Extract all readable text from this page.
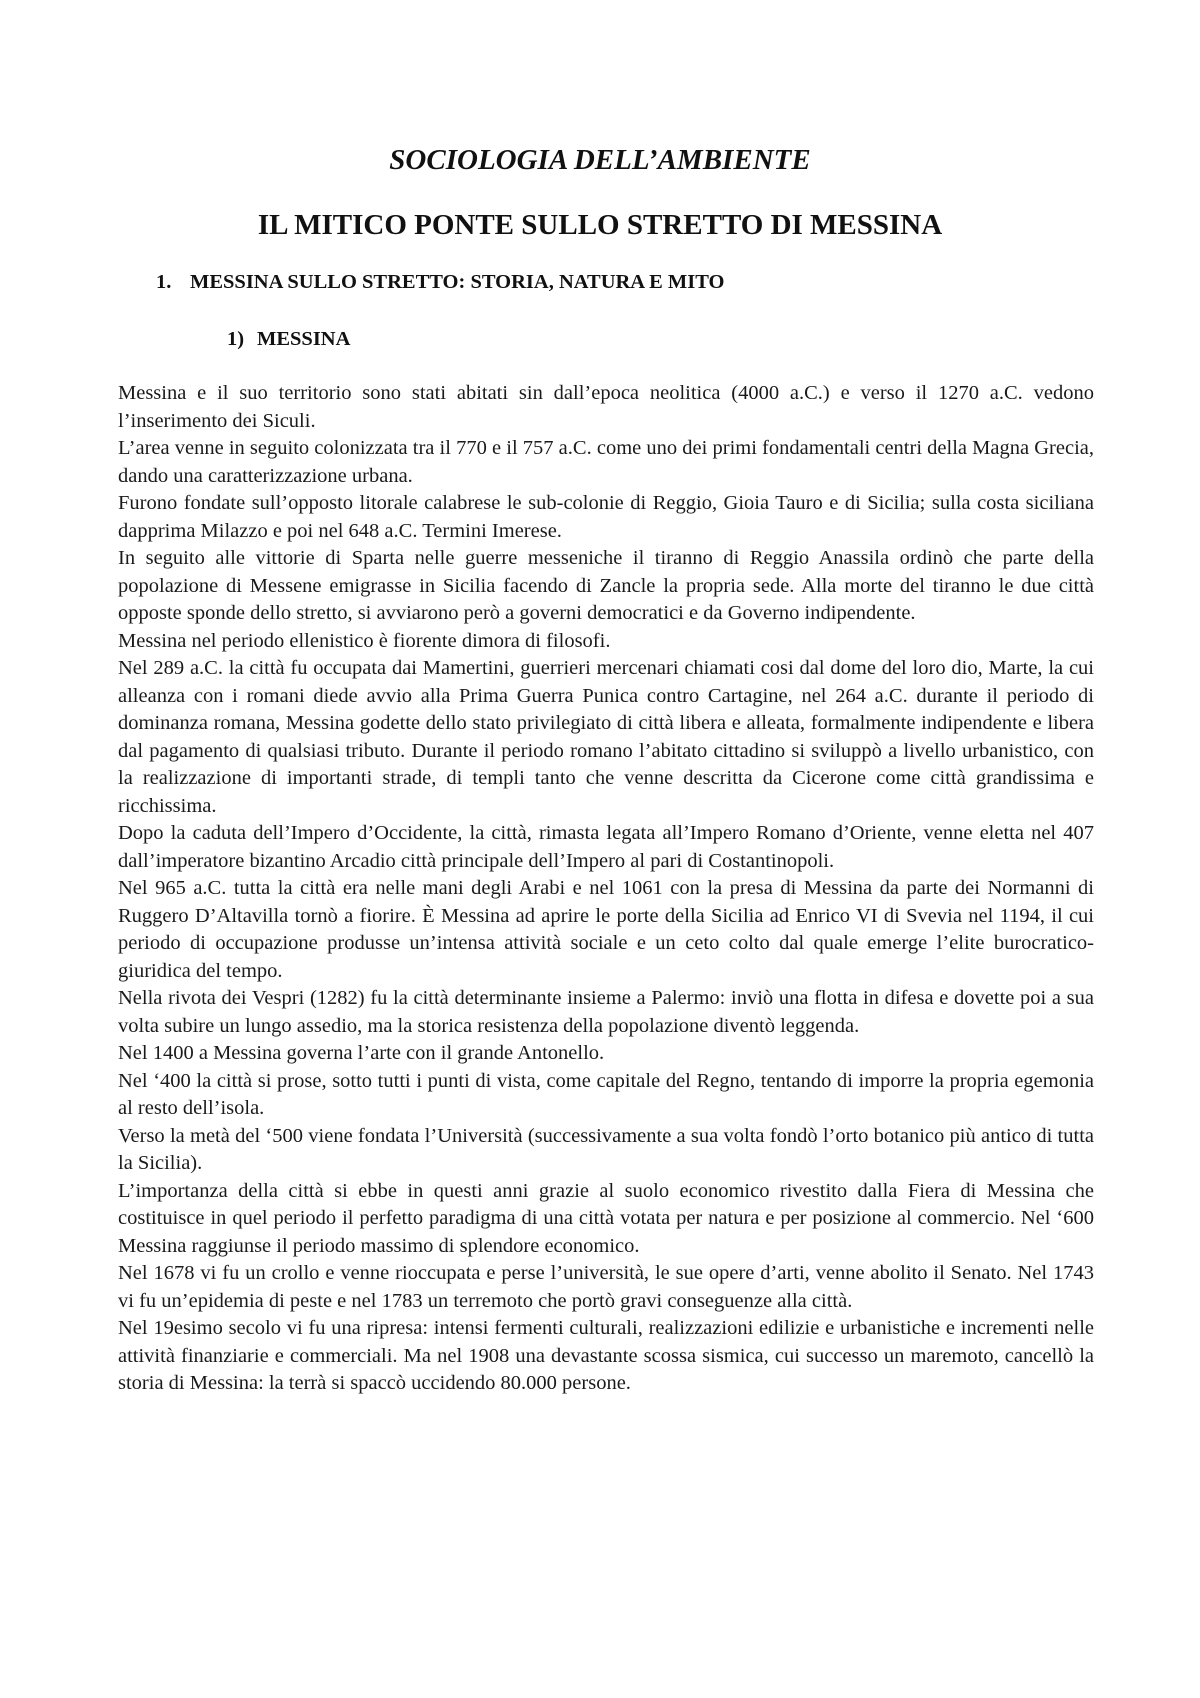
SOCIOLOGIA DELL’AMBIENTE
IL MITICO PONTE SULLO STRETTO DI MESSINA
1. MESSINA SULLO STRETTO: STORIA, NATURA E MITO
1) MESSINA

Messina e il suo territorio sono stati abitati sin dall’epoca neolitica (4000 a.C.) e verso il 1270 a.C. vedono l’inserimento dei Siculi.

L’area venne in seguito colonizzata tra il 770 e il 757 a.C. come uno dei primi fondamentali centri della Magna Grecia, dando una caratterizzazione urbana.

Furono fondate sull’opposto litorale calabrese le sub-colonie di Reggio, Gioia Tauro e di Sicilia; sulla costa siciliana dapprima Milazzo e poi nel 648 a.C. Termini Imerese.

In seguito alle vittorie di Sparta nelle guerre messeniche il tiranno di Reggio Anassila ordinò che parte della popolazione di Messene emigrasse in Sicilia facendo di Zancle la propria sede. Alla morte del tiranno le due città opposte sponde dello stretto, si avviarono però a governi democratici e da Governo indipendente.

Messina nel periodo ellenistico è fiorente dimora di filosofi.

Nel 289 a.C. la città fu occupata dai Mamertini, guerrieri mercenari chiamati cosi dal dome del loro dio, Marte, la cui alleanza con i romani diede avvio alla Prima Guerra Punica contro Cartagine, nel 264 a.C. durante il periodo di dominanza romana, Messina godette dello stato privilegiato di città libera e alleata, formalmente indipendente e libera dal pagamento di qualsiasi tributo. Durante il periodo romano l’abitato cittadino si sviluppò a livello urbanistico, con la realizzazione di importanti strade, di templi tanto che venne descritta da Cicerone come città grandissima e ricchissima.

Dopo la caduta dell’Impero d’Occidente, la città, rimasta legata all’Impero Romano d’Oriente, venne eletta nel 407 dall’imperatore bizantino Arcadio città principale dell’Impero al pari di Costantinopoli.

Nel 965 a.C. tutta la città era nelle mani degli Arabi e nel 1061 con la presa di Messina da parte dei Normanni di Ruggero D’Altavilla tornò a fiorire. È Messina ad aprire le porte della Sicilia ad Enrico VI di Svevia nel 1194, il cui periodo di occupazione produsse un’intensa attività sociale e un ceto colto dal quale emerge l’elite burocratico- giuridica del tempo.

Nella rivota dei Vespri (1282) fu la città determinante insieme a Palermo: inviò una flotta in difesa e dovette poi a sua volta subire un lungo assedio, ma la storica resistenza della popolazione diventò leggenda.

Nel 1400 a Messina governa l’arte con il grande Antonello.

Nel ‘400 la città si prose, sotto tutti i punti di vista, come capitale del Regno, tentando di imporre la propria egemonia al resto dell’isola.

Verso la metà del ‘500 viene fondata l’Università (successivamente a sua volta fondò l’orto botanico più antico di tutta la Sicilia).

L’importanza della città si ebbe in questi anni grazie al suolo economico rivestito dalla Fiera di Messina che costituisce in quel periodo il perfetto paradigma di una città votata per natura e per posizione al commercio. Nel ‘600 Messina raggiunse il periodo massimo di splendore economico.

Nel 1678 vi fu un crollo e venne rioccupata e perse l’università, le sue opere d’arti, venne abolito il Senato. Nel 1743 vi fu un’epidemia di peste e nel 1783 un terremoto che portò gravi conseguenze alla città.

Nel 19esimo secolo vi fu una ripresa: intensi fermenti culturali, realizzazioni edilizie e urbanistiche e incrementi nelle attività finanziarie e commerciali. Ma nel 1908 una devastante scossa sismica, cui successo un maremoto, cancellò la storia di Messina: la terrà si spaccò uccidendo 80.000 persone.
